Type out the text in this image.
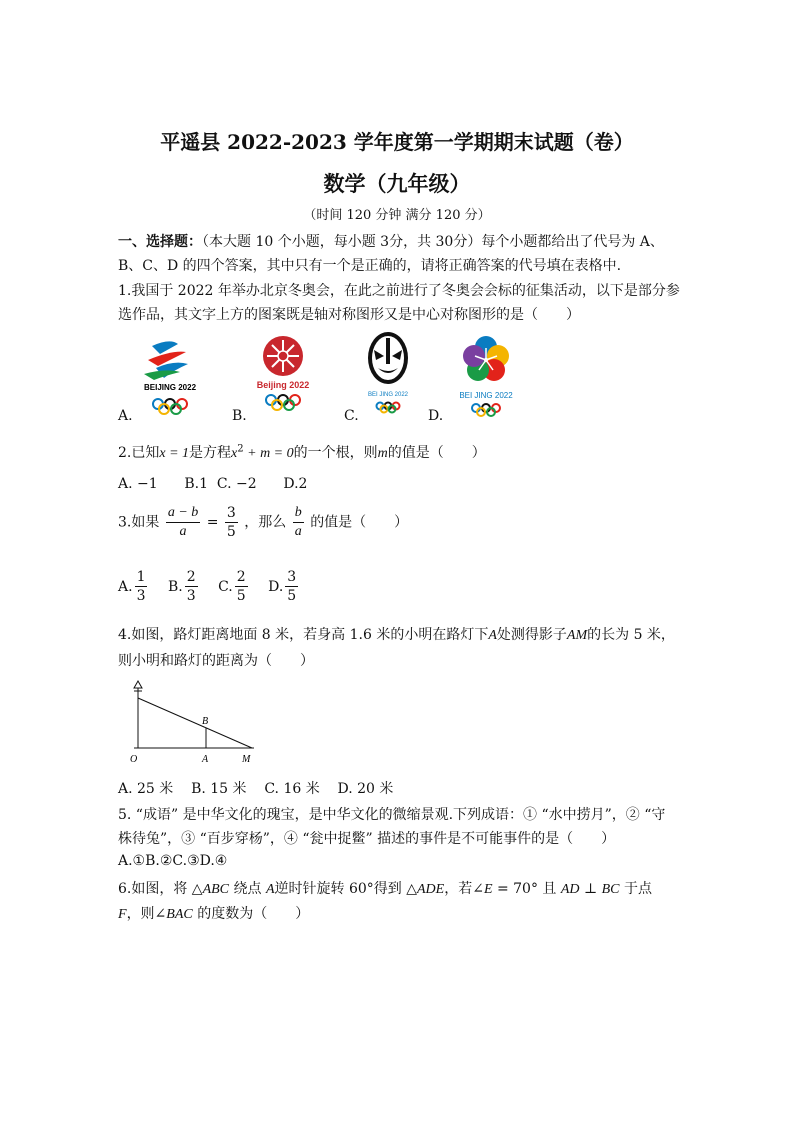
平遥县 2022-2023 学年度第一学期期末试题（卷）
数学（九年级）
（时间 120 分钟 满分 120 分）
一、选择题：（本大题 10 个小题，每小题 3分，共 30分）每个小题都给出了代号为 A、
B、C、D 的四个答案，其中只有一个是正确的，请将正确答案的代号填在表格中.
1.我国于 2022 年举办北京冬奥会，在此之前进行了冬奥会会标的征集活动，以下是部分参
选作品，其文字上方的图案既是轴对称图形又是中心对称图形的是（　　）
BEIJING 2022	Beijing 2022
BEI JING 2022	BEI JING 2022
A.	B.	C.	D.
2.已知x = 1是方程$x^2 + m = 0$的一个根，则m的值是（　　）
A. −1      B.1  C. −2      D.2
3.如果 $\frac{a - b}{a} = \frac{3}{5}$ ，那么 $\frac{b}{a}$ 的值是（　　）
A. $\frac{1}{3} B$. $\frac{2}{3} C$. $\frac{2}{5} D$. $\frac{3}{5}$
4.如图，路灯距离地面 8 米，若身高 1.6 米的小明在路灯下A处测得影子AM的长为 5 米，
则小明和路灯的距离为（　　）
O	A
B
M
A. 25 米    B. 15 米    C. 16 米    D. 20 米
5. “成语” 是中华文化的瑰宝，是中华文化的微缩景观.下列成语：① “水中捞月”，② “守
株待兔”，③ “百步穿杨”，④ “瓮中捉鳖” 描述的事件是不可能事件的是（　　）
A.①B.②C.③D.④
6.如图，将 △ABC 绕点 A逆时针旋转 60°得到 △ADE，若∠E = 70° 且 AD ⊥ BC 于点
F，则∠BAC 的度数为（　　）
